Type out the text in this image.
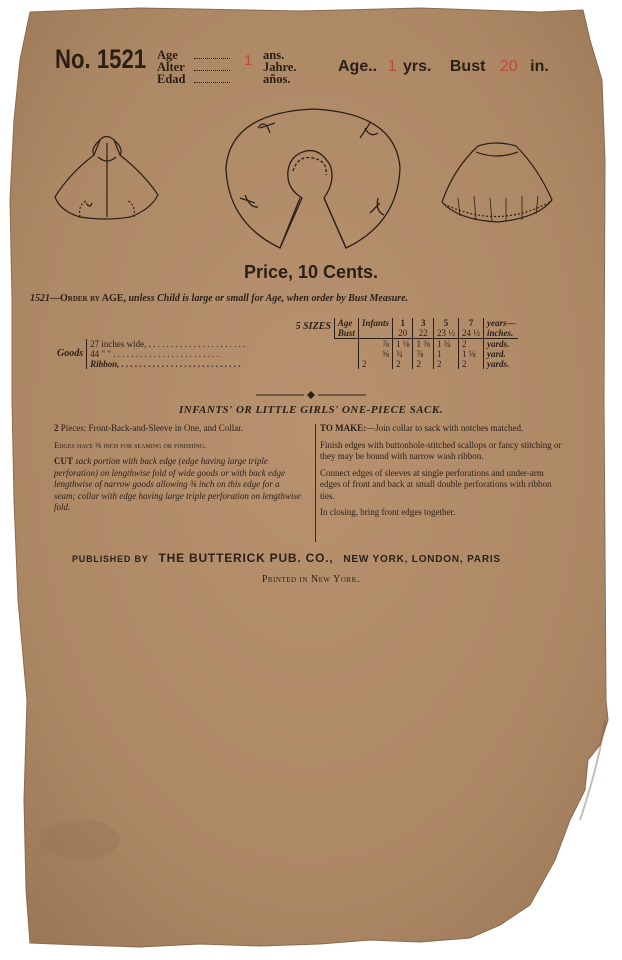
No. 1521 Age
Alter
Edad
1 ans.
Jahre.
años.
Age.. 1 yrs. Bust 20 in.
Price, 10 Cents.
1521—Order by AGE, unless Child is large or small for Age, when order by Bust Measure.
		5 SIZES	Age	Infants	1	3	5	7	years—
			Bust		20	22	23 ½	24 ½	inches.
Goods	27 inches wide, . . . . . . . . . . . . . . . . . . . . . .			⅞	1 ⅛	1 ⅜	1 ¾	2	yards.
	44 " " . . . . . . . . . . . . . . . . . . . . . . . .			⅝	¾	⅞	1	1 ⅛	yard.
	Ribbon, . . . . . . . . . . . . . . . . . . . . . . . . . . .			2	2	2	2	2	yards.
INFANTS' OR LITTLE GIRLS' ONE-PIECE SACK.

2 Pieces: Front-Back-and-Sleeve in One, and Collar.

Edges have ⅜ inch for seaming or finishing.

CUT sack portion with back edge (edge having large triple perforation) on lengthwise fold of wide goods or with back edge lengthwise of narrow goods allowing ⅜ inch on this edge for a seam; collar with edge having large triple perforation on lengthwise fold.

TO MAKE:—Join collar to sack with notches matched.

Finish edges with buttonhole-stitched scallops or fancy stitching or they may be bound with narrow wash ribbon.

Connect edges of sleeves at single perforations and under-arm edges of front and back at small double perforations with ribbon ties.

In closing, bring front edges together.

PUBLISHED BY THE BUTTERICK PUB. CO., NEW YORK, LONDON, PARIS
Printed in New York.
